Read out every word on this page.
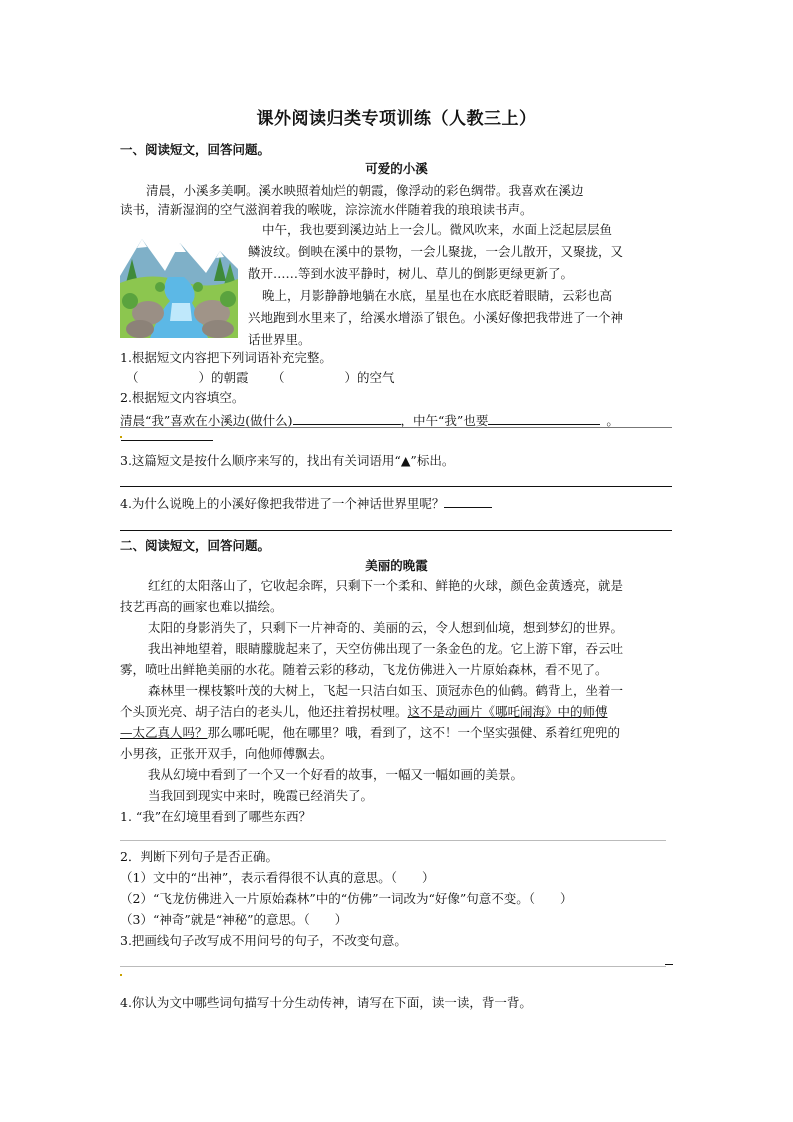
课外阅读归类专项训练（人教三上）
一、阅读短文，回答问题。
可爱的小溪
清晨，小溪多美啊。溪水映照着灿烂的朝霞，像浮动的彩色绸带。我喜欢在溪边
读书，清新湿润的空气滋润着我的喉咙，淙淙流水伴随着我的琅琅读书声。
中午，我也要到溪边站上一会儿。微风吹来，水面上泛起层层鱼
鳞波纹。倒映在溪中的景物，一会儿聚拢，一会儿散开，又聚拢，又
散开……等到水波平静时，树儿、草儿的倒影更绿更新了。
晚上，月影静静地躺在水底，星星也在水底眨着眼睛，云彩也高
兴地跑到水里来了，给溪水增添了银色。小溪好像把我带进了一个神
话世界里。
1.根据短文内容把下列词语补充完整。
（	）的朝霞 （	）的空气
2.根据短文内容填空。
清晨“我”喜欢在小溪边(做什么)	，中午“我”也要	。
3.这篇短文是按什么顺序来写的，找出有关词语用“▲”标出。
4.为什么说晚上的小溪好像把我带进了一个神话世界里呢？
二、阅读短文，回答问题。
美丽的晚霞
红红的太阳落山了，它收起余晖，只剩下一个柔和、鲜艳的火球，颜色金黄透亮，就是
技艺再高的画家也难以描绘。
太阳的身影消失了，只剩下一片神奇的、美丽的云，令人想到仙境，想到梦幻的世界。
我出神地望着，眼睛朦胧起来了，天空仿佛出现了一条金色的龙。它上游下窜，吞云吐
雾，喷吐出鲜艳美丽的水花。随着云彩的移动，飞龙仿佛进入一片原始森林，看不见了。
森林里一棵枝繁叶茂的大树上，飞起一只洁白如玉、顶冠赤色的仙鹤。鹤背上，坐着一
个头顶光亮、胡子洁白的老头儿，他还拄着拐杖哩。这不是动画片《哪吒闹海》中的师傅
—太乙真人吗？那么哪吒呢，他在哪里？哦，看到了，这不！一个坚实强健、系着红兜兜的
小男孩，正张开双手，向他师傅飘去。
我从幻境中看到了一个又一个好看的故事，一幅又一幅如画的美景。
当我回到现实中来时，晚霞已经消失了。
1. “我”在幻境里看到了哪些东西？
2．判断下列句子是否正确。
（1）文中的“出神”，表示看得很不认真的意思。（　　）
（2）“飞龙仿佛进入一片原始森林”中的“仿佛”一词改为“好像”句意不变。（　　）
（3）“神奇”就是“神秘”的意思。（　　）
3.把画线句子改写成不用问号的句子，不改变句意。
4.你认为文中哪些词句描写十分生动传神，请写在下面，读一读，背一背。
